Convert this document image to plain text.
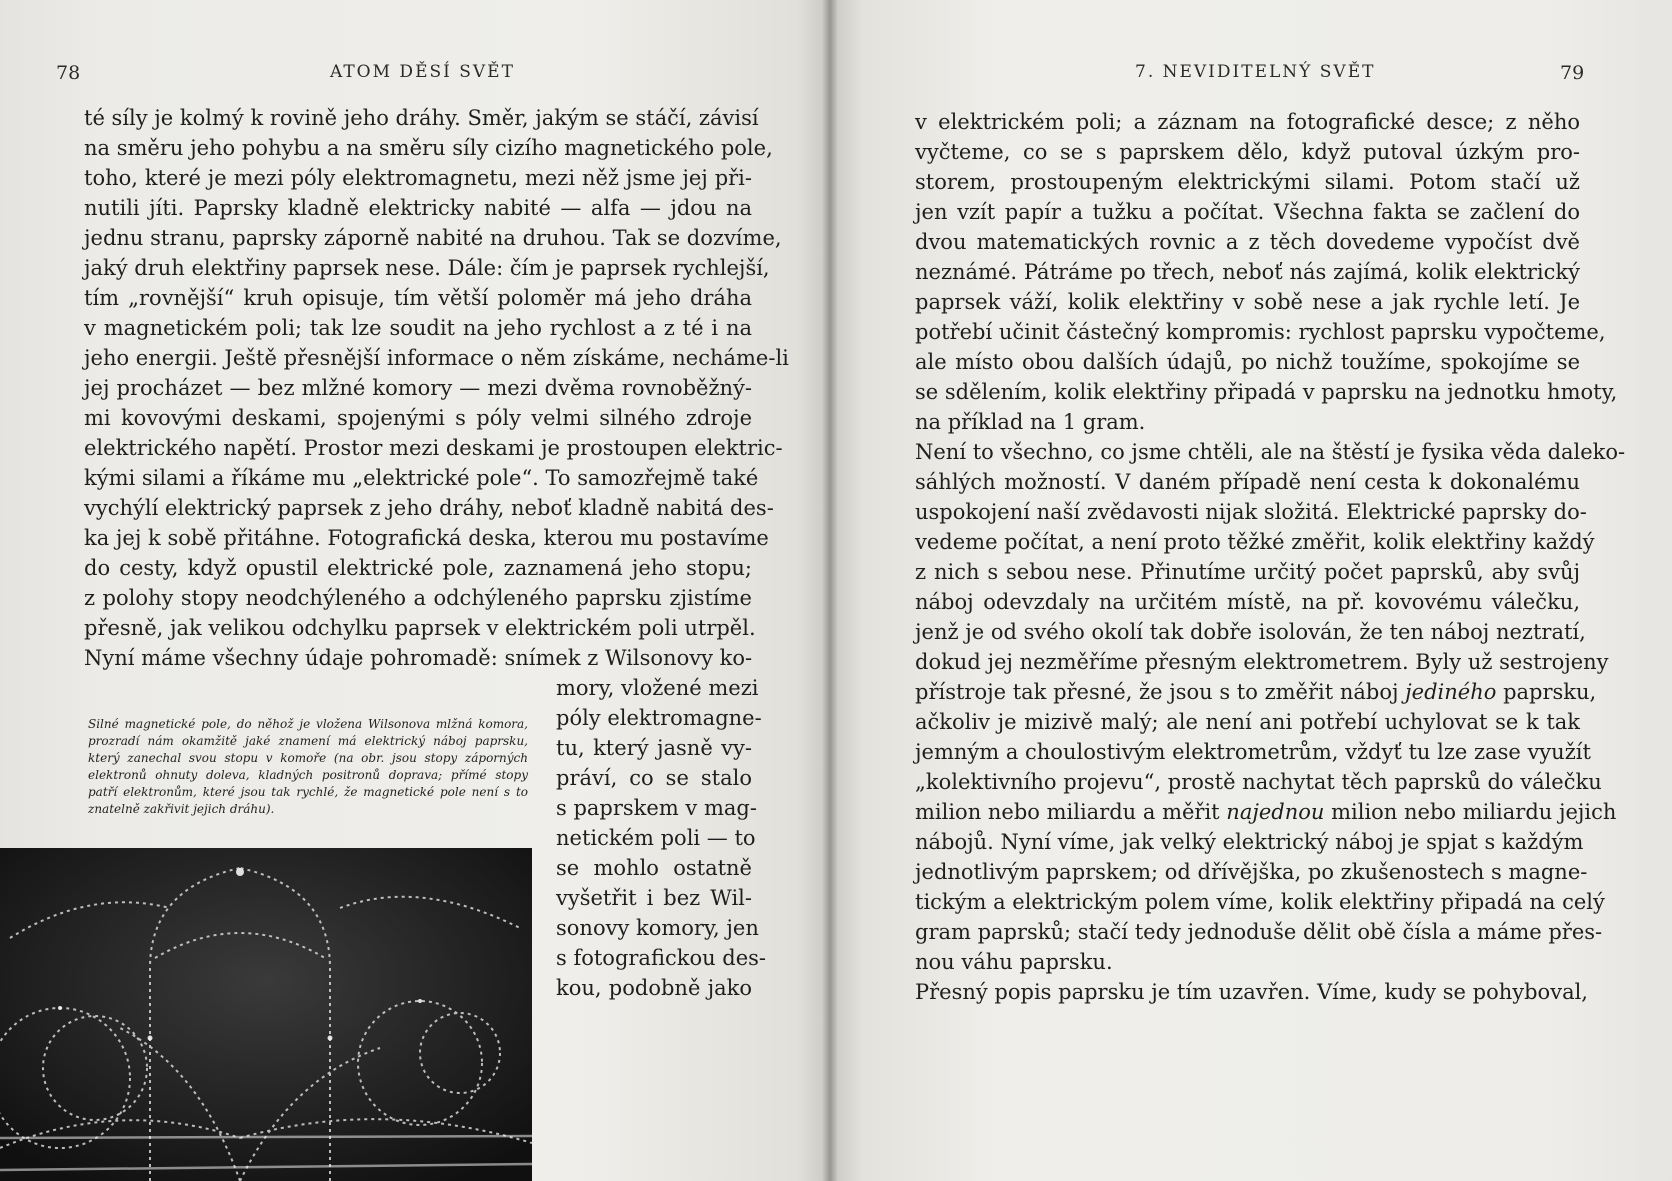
78	ATOM DĚSÍ SVĚT
té síly je kolmý k rovině jeho dráhy. Směr, jakým se stáčí, závisí
na směru jeho pohybu a na směru síly cizího magnetického pole,
toho, které je mezi póly elektromagnetu, mezi něž jsme jej při-
nutili jíti. Paprsky kladně elektricky nabité — alfa — jdou na
jednu stranu, paprsky záporně nabité na druhou. Tak se dozvíme,
jaký druh elektřiny paprsek nese. Dále: čím je paprsek rychlejší,
tím „rovnější“ kruh opisuje, tím větší poloměr má jeho dráha
v magnetickém poli; tak lze soudit na jeho rychlost a z té i na
jeho energii. Ještě přesnější informace o něm získáme, necháme-li
jej procházet — bez mlžné komory — mezi dvěma rovnoběžný-
mi kovovými deskami, spojenými s póly velmi silného zdroje
elektrického napětí. Prostor mezi deskami je prostoupen elektric-
kými silami a říkáme mu „elektrické pole“. To samozřejmě také
vychýlí elektrický paprsek z jeho dráhy, neboť kladně nabitá des-
ka jej k sobě přitáhne. Fotografická deska, kterou mu postavíme
do cesty, když opustil elektrické pole, zaznamená jeho stopu;
z polohy stopy neodchýleného a odchýleného paprsku zjistíme
přesně, jak velikou odchylku paprsek v elektrickém poli utrpěl.
Nyní máme všechny údaje pohromadě: snímek z Wilsonovy ko-
mory, vložené mezi
póly elektromagne-
tu, který jasně vy-
práví, co se stalo
s paprskem v mag-
netickém poli — to
se mohlo ostatně
vyšetřit i bez Wil-
sonovy komory, jen
s fotografickou des-
kou, podobně jako
Silné magnetické pole, do něhož je vložena Wilsonova mlžná komora,
prozradí nám okamžitě jaké znamení má elektrický náboj paprsku,
který zanechal svou stopu v komoře (na obr. jsou stopy záporných
elektronů ohnuty doleva, kladných positronů doprava; přímé stopy
patří elektronům, které jsou tak rychlé, že magnetické pole není s to
znatelně zakřivit jejich dráhu).
7. NEVIDITELNÝ SVĚT	79
v elektrickém poli; a záznam na fotografické desce; z něho
vyčteme, co se s paprskem dělo, když putoval úzkým pro-
storem, prostoupeným elektrickými silami. Potom stačí už
jen vzít papír a tužku a počítat. Všechna fakta se začlení do
dvou matematických rovnic a z těch dovedeme vypočíst dvě
neznámé. Pátráme po třech, neboť nás zajímá, kolik elektrický
paprsek váží, kolik elektřiny v sobě nese a jak rychle letí. Je
potřebí učinit částečný kompromis: rychlost paprsku vypočteme,
ale místo obou dalších údajů, po nichž toužíme, spokojíme se
se sdělením, kolik elektřiny připadá v paprsku na jednotku hmoty,
na příklad na 1 gram.
Není to všechno, co jsme chtěli, ale na štěstí je fysika věda daleko-
sáhlých možností. V daném případě není cesta k dokonalému
uspokojení naší zvědavosti nijak složitá. Elektrické paprsky do-
vedeme počítat, a není proto těžké změřit, kolik elektřiny každý
z nich s sebou nese. Přinutíme určitý počet paprsků, aby svůj
náboj odevzdaly na určitém místě, na př. kovovému válečku,
jenž je od svého okolí tak dobře isolován, že ten náboj neztratí,
dokud jej nezměříme přesným elektrometrem. Byly už sestrojeny
přístroje tak přesné, že jsou s to změřit náboj jediného paprsku,
ačkoliv je mizivě malý; ale není ani potřebí uchylovat se k tak
jemným a choulostivým elektrometrům, vždyť tu lze zase využít
„kolektivního projevu“, prostě nachytat těch paprsků do válečku
milion nebo miliardu a měřit najednou milion nebo miliardu jejich
nábojů. Nyní víme, jak velký elektrický náboj je spjat s každým
jednotlivým paprskem; od dřívějška, po zkušenostech s magne-
tickým a elektrickým polem víme, kolik elektřiny připadá na celý
gram paprsků; stačí tedy jednoduše dělit obě čísla a máme přes-
nou váhu paprsku.
Přesný popis paprsku je tím uzavřen. Víme, kudy se pohyboval,
